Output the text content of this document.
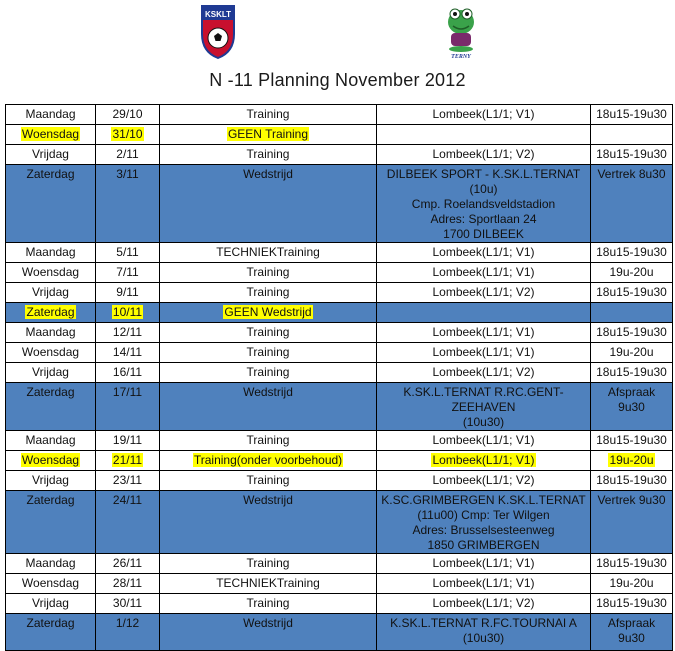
KSKLT
TERNY
N -11 Planning November 2012
Maandag	29/10	Training	Lombeek(L1/1; V1)	18u15-19u30
Woensdag	31/10	GEEN Training		
Vrijdag	2/11	Training	Lombeek(L1/1; V2)	18u15-19u30
Zaterdag	3/11	Wedstrijd	DILBEEK SPORT - K.SK.L.TERNAT (10u)
Cmp. Roelandsveldstadion
Adres: Sportlaan 24
1700 DILBEEK	Vertrek 8u30
Maandag	5/11	TECHNIEKTraining	Lombeek(L1/1; V1)	18u15-19u30
Woensdag	7/11	Training	Lombeek(L1/1; V1)	19u-20u
Vrijdag	9/11	Training	Lombeek(L1/1; V2)	18u15-19u30
Zaterdag	10/11	GEEN Wedstrijd		
Maandag	12/11	Training	Lombeek(L1/1; V1)	18u15-19u30
Woensdag	14/11	Training	Lombeek(L1/1; V1)	19u-20u
Vrijdag	16/11	Training	Lombeek(L1/1; V2)	18u15-19u30
Zaterdag	17/11	Wedstrijd	K.SK.L.TERNAT R.RC.GENT-ZEEHAVEN
(10u30)	Afspraak 9u30
Maandag	19/11	Training	Lombeek(L1/1; V1)	18u15-19u30
Woensdag	21/11	Training(onder voorbehoud)	Lombeek(L1/1; V1)	19u-20u
Vrijdag	23/11	Training	Lombeek(L1/1; V2)	18u15-19u30
Zaterdag	24/11	Wedstrijd	K.SC.GRIMBERGEN K.SK.L.TERNAT
(11u00) Cmp: Ter Wilgen
Adres: Brusselsesteenweg
1850 GRIMBERGEN	Vertrek 9u30
Maandag	26/11	Training	Lombeek(L1/1; V1)	18u15-19u30
Woensdag	28/11	TECHNIEKTraining	Lombeek(L1/1; V1)	19u-20u
Vrijdag	30/11	Training	Lombeek(L1/1; V2)	18u15-19u30
Zaterdag	1/12	Wedstrijd	K.SK.L.TERNAT R.FC.TOURNAI A
(10u30)	Afspraak 9u30
